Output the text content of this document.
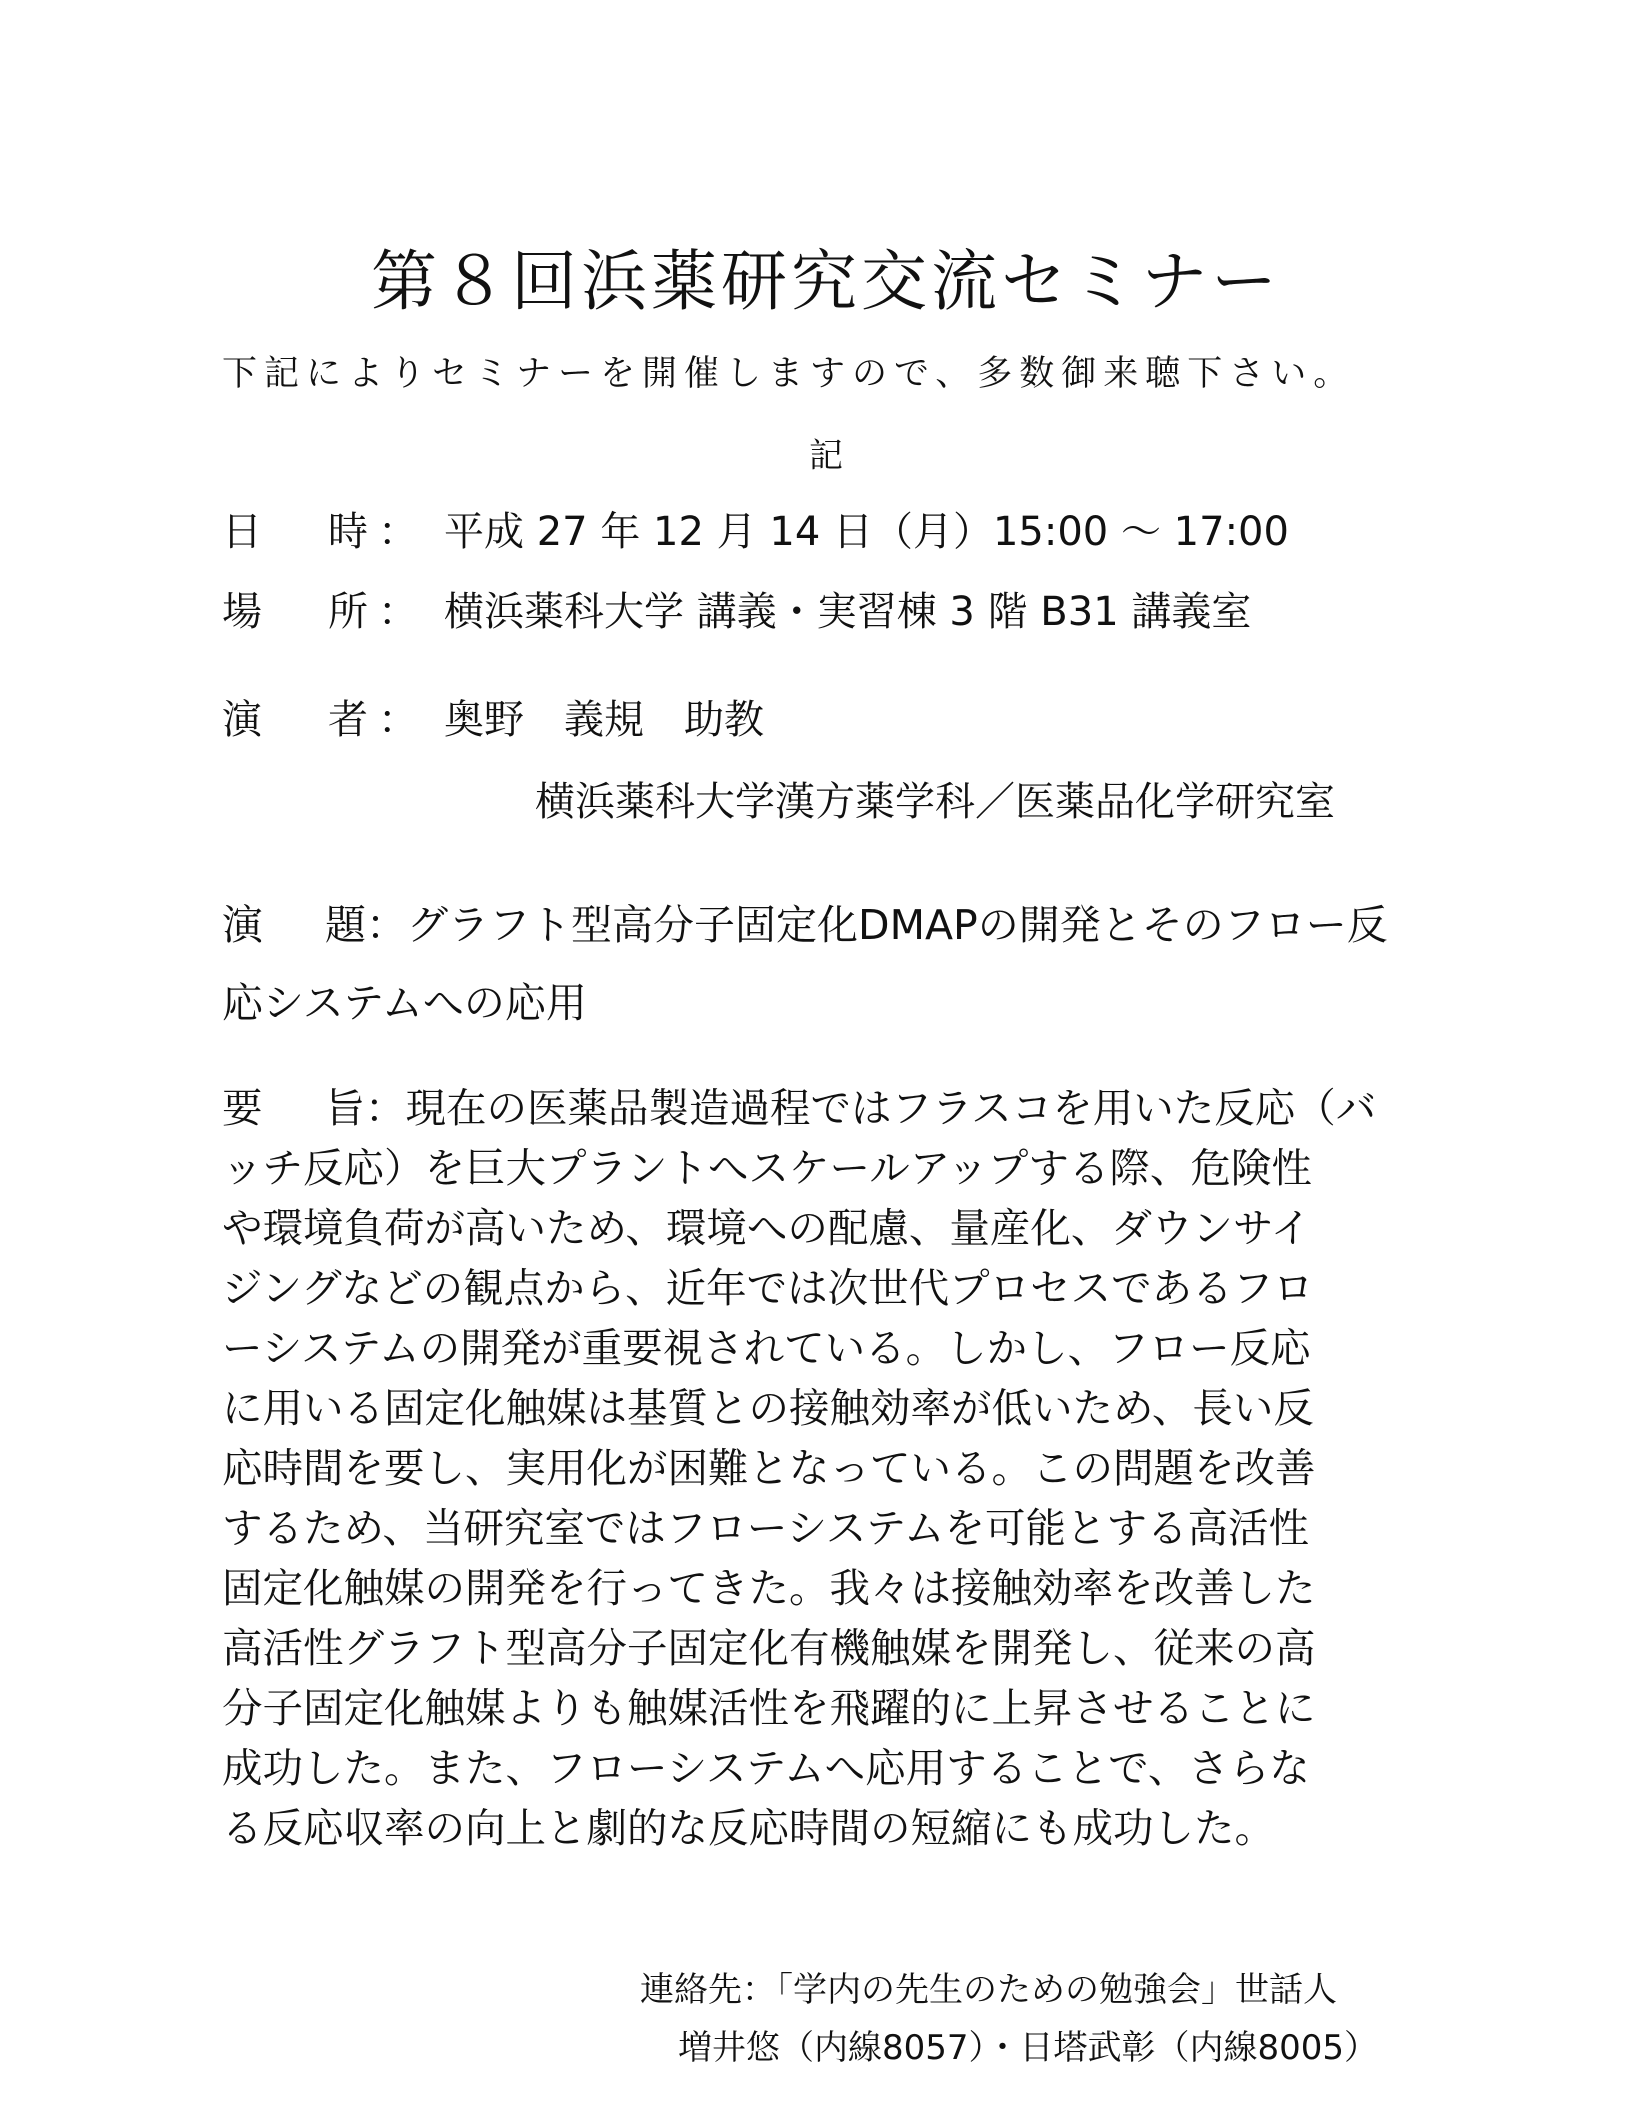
第８回浜薬研究交流セミナー
下記によりセミナーを開催しますので、多数御来聴下さい。
記
日 時 ： 平成 27 年 12 月 14 日（月）15:00 ～ 17:00
場 所 ： 横浜薬科大学 講義・実習棟 3 階 B31 講義室
演 者 ： 奥野　義規　助教
横浜薬科大学漢方薬学科／医薬品化学研究室
演 題：グラフト型高分子固定化DMAPの開発とそのフロー反
応システムへの応用
要 旨：現在の医薬品製造過程ではフラスコを用いた反応（バ
ッチ反応）を巨大プラントへスケールアップする際、危険性
や環境負荷が高いため、環境への配慮、量産化、ダウンサイ
ジングなどの観点から、近年では次世代プロセスであるフロ
ーシステムの開発が重要視されている。しかし、フロー反応
に用いる固定化触媒は基質との接触効率が低いため、長い反
応時間を要し、実用化が困難となっている。この問題を改善
するため、当研究室ではフローシステムを可能とする高活性
固定化触媒の開発を行ってきた。我々は接触効率を改善した
高活性グラフト型高分子固定化有機触媒を開発し、従来の高
分子固定化触媒よりも触媒活性を飛躍的に上昇させることに
成功した。また、フローシステムへ応用することで、さらな
る反応収率の向上と劇的な反応時間の短縮にも成功した。
連絡先：「学内の先生のための勉強会」世話人
増井悠（内線8057）・日塔武彰（内線8005）
